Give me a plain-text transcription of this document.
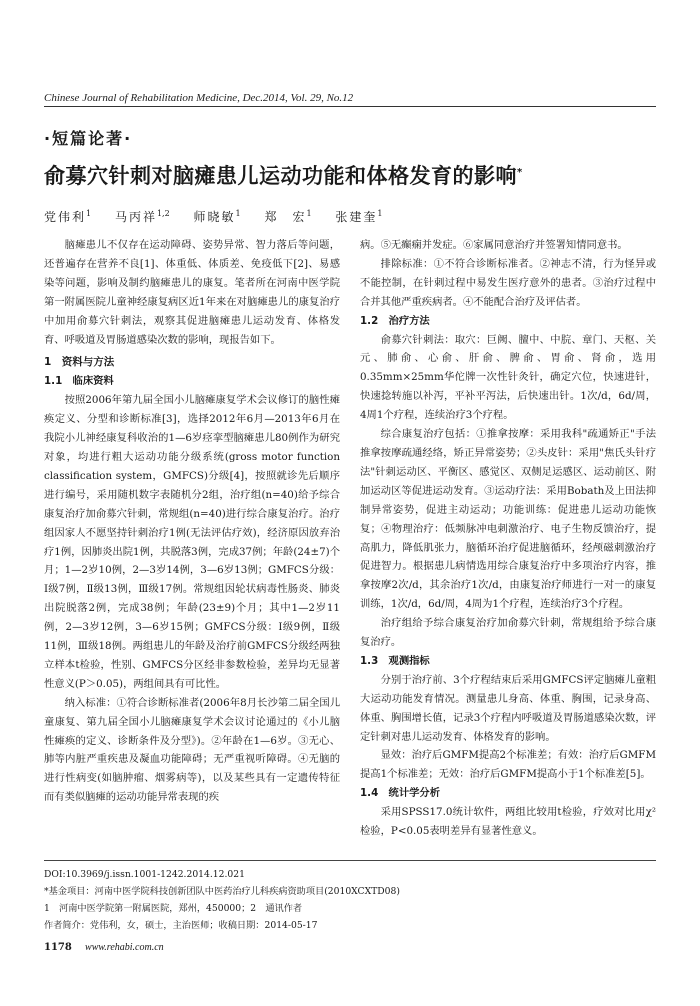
Chinese Journal of Rehabilitation Medicine, Dec.2014, Vol. 29, No.12
·短篇论著·
俞募穴针刺对脑瘫患儿运动功能和体格发育的影响*
党伟利$^1$ 马丙祥$^{1,2}$ 师晓敏$^1$ 郑　宏$^1$ 张建奎$^1$

脑瘫患儿不仅存在运动障碍、姿势异常、智力落后等问题，还普遍存在营养不良[1]、体重低、体质差、免疫低下[2]、易感染等问题，影响及制约脑瘫患儿的康复。笔者所在河南中医学院第一附属医院儿童神经康复病区近1年来在对脑瘫患儿的康复治疗中加用俞募穴针刺法，观察其促进脑瘫患儿运动发育、体格发育、呼吸道及胃肠道感染次数的影响，现报告如下。

1　资料与方法

1.1　临床资料

按照2006年第九届全国小儿脑瘫康复学术会议修订的脑性瘫痪定义、分型和诊断标准[3]，选择2012年6月—2013年6月在我院小儿神经康复科收治的1—6岁痉挛型脑瘫患儿80例作为研究对象，均进行粗大运动功能分级系统(gross motor function classification system，GMFCS)分级[4]，按照就诊先后顺序进行编号，采用随机数字表随机分2组，治疗组(n=40)给予综合康复治疗加俞募穴针刺，常规组(n=40)进行综合康复治疗。治疗组因家人不愿坚持针刺治疗1例(无法评估疗效)，经济原因放弃治疗1例，因肺炎出院1例，共脱落3例，完成37例；年龄(24±7)个月；1—2岁10例，2—3岁14例，3—6岁13例；GMFCS分级：Ⅰ级7例，Ⅱ级13例，Ⅲ级17例。常规组因轮状病毒性肠炎、肺炎出院脱落2例，完成38例；年龄(23±9)个月；其中1—2岁11例，2—3岁12例，3—6岁15例；GMFCS分级：Ⅰ级9例，Ⅱ级11例，Ⅲ级18例。两组患儿的年龄及治疗前GMFCS分级经两独立样本t检验，性别、GMFCS分区经非参数检验，差异均无显著性意义(P＞0.05)，两组间具有可比性。

纳入标准：①符合诊断标准者(2006年8月长沙第二届全国儿童康复、第九届全国小儿脑瘫康复学术会议讨论通过的《小儿脑性瘫痪的定义、诊断条件及分型》)。②年龄在1—6岁。③无心、肺等内脏严重疾患及凝血功能障碍；无严重视听障碍。④无脑的进行性病变(如脑肿瘤、烟雾病等)，以及某些具有一定遗传特征而有类似脑瘫的运动功能异常表现的疾

病。⑤无癫痫并发症。⑥家属同意治疗并签署知情同意书。

排除标准：①不符合诊断标准者。②神志不清，行为怪异或不能控制，在针刺过程中易发生医疗意外的患者。③治疗过程中合并其他严重疾病者。④不能配合治疗及评估者。

1.2　治疗方法

俞募穴针刺法：取穴：巨阙、膻中、中脘、章门、天枢、关元、肺俞、心俞、肝俞、脾俞、胃俞、肾俞，选用0.35mm×25mm华佗牌一次性针灸针，确定穴位，快速进针，快速捻转施以补泻，平补平泻法，后快速出针。1次/d，6d/周，4周1个疗程，连续治疗3个疗程。

综合康复治疗包括：①推拿按摩：采用我科"疏通矫正"手法推拿按摩疏通经络，矫正异常姿势；②头皮针：采用"焦氏头针疗法"针刺运动区、平衡区、感觉区、双侧足运感区、运动前区、附加运动区等促进运动发育。③运动疗法：采用Bobath及上田法抑制异常姿势，促进主动运动；功能训练：促进患儿运动功能恢复；④物理治疗：低频脉冲电刺激治疗、电子生物反馈治疗，提高肌力，降低肌张力，脑循环治疗促进脑循环，经颅磁刺激治疗促进智力。根据患儿病情选用综合康复治疗中多项治疗内容，推拿按摩2次/d，其余治疗1次/d，由康复治疗师进行一对一的康复训练，1次/d，6d/周，4周为1个疗程，连续治疗3个疗程。

治疗组给予综合康复治疗加俞募穴针刺，常规组给予综合康复治疗。

1.3　观测指标

分别于治疗前、3个疗程结束后采用GMFCS评定脑瘫儿童粗大运动功能发育情况。测量患儿身高、体重、胸围，记录身高、体重、胸围增长值，记录3个疗程内呼吸道及胃肠道感染次数，评定针刺对患儿运动发育、体格发育的影响。

显效：治疗后GMFM提高2个标准差；有效：治疗后GMFM提高1个标准差；无效：治疗后GMFM提高小于1个标准差[5]。

1.4　统计学分析

采用SPSS17.0统计软件，两组比较用t检验，疗效对比用χ²检验，P<0.05表明差异有显著性意义。

DOI:10.3969/j.issn.1001-1242.2014.12.021
*基金项目：河南中医学院科技创新团队中医药治疗儿科疾病资助项目(2010XCXTD08)
1　河南中医学院第一附属医院，郑州，450000；2　通讯作者
作者简介：党伟利，女，硕士，主治医师；收稿日期：2014-05-17
1178 www.rehabi.com.cn
